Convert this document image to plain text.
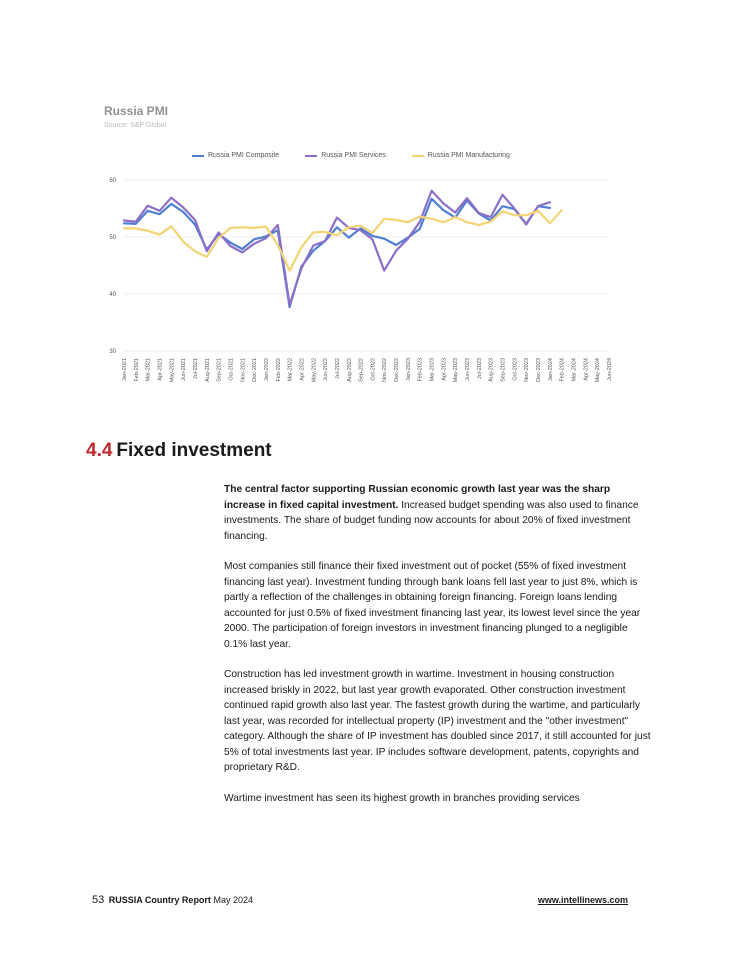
Russia PMI
Source: S&P Global
Russia PMI Composite	Russia PMI Services	Russia PMI Manufacturing
60
50
40
30
Jan-2021 Feb-2021 Mar-2021 Apr-2021 May-2021 Jun-2021 Jul-2021 Aug-2021 Sep-2021 Oct-2021 Nov-2021 Dec-2021 Jan-2022 Feb-2022 Mar-2022 Apr-2022 May-2022 Jun-2022 Jul-2022 Aug-2022 Sep-2022 Oct-2022 Nov-2022 Dec-2022 Jan-2023 Feb-2023 Mar-2023 Apr-2023 May-2023 Jun-2023 Jul-2023 Aug-2023 Sep-2023 Oct-2023 Nov-2023 Dec-2023 Jan-2024 Feb-2024 Mar-2024 Apr-2024 May-2024 Jun-2024
4.4 Fixed investment

The central factor supporting Russian economic growth last year was the sharp increase in fixed capital investment. Increased budget spending was also used to finance investments. The share of budget funding now accounts for about 20% of fixed investment financing.

Most companies still finance their fixed investment out of pocket (55% of fixed investment financing last year). Investment funding through bank loans fell last year to just 8%, which is partly a reflection of the challenges in obtaining foreign financing. Foreign loans lending accounted for just 0.5% of fixed investment financing last year, its lowest level since the year 2000. The participation of foreign investors in investment financing plunged to a negligible 0.1% last year.

Construction has led investment growth in wartime. Investment in housing construction increased briskly in 2022, but last year growth evaporated. Other construction investment continued rapid growth also last year. The fastest growth during the wartime, and particularly last year, was recorded for intellectual property (IP) investment and the "other investment" category. Although the share of IP investment has doubled since 2017, it still accounted for just 5% of total investments last year. IP includes software development, patents, copyrights and proprietary R&D.

Wartime investment has seen its highest growth in branches providing services

53 RUSSIA Country Report May 2024	www.intellinews.com
